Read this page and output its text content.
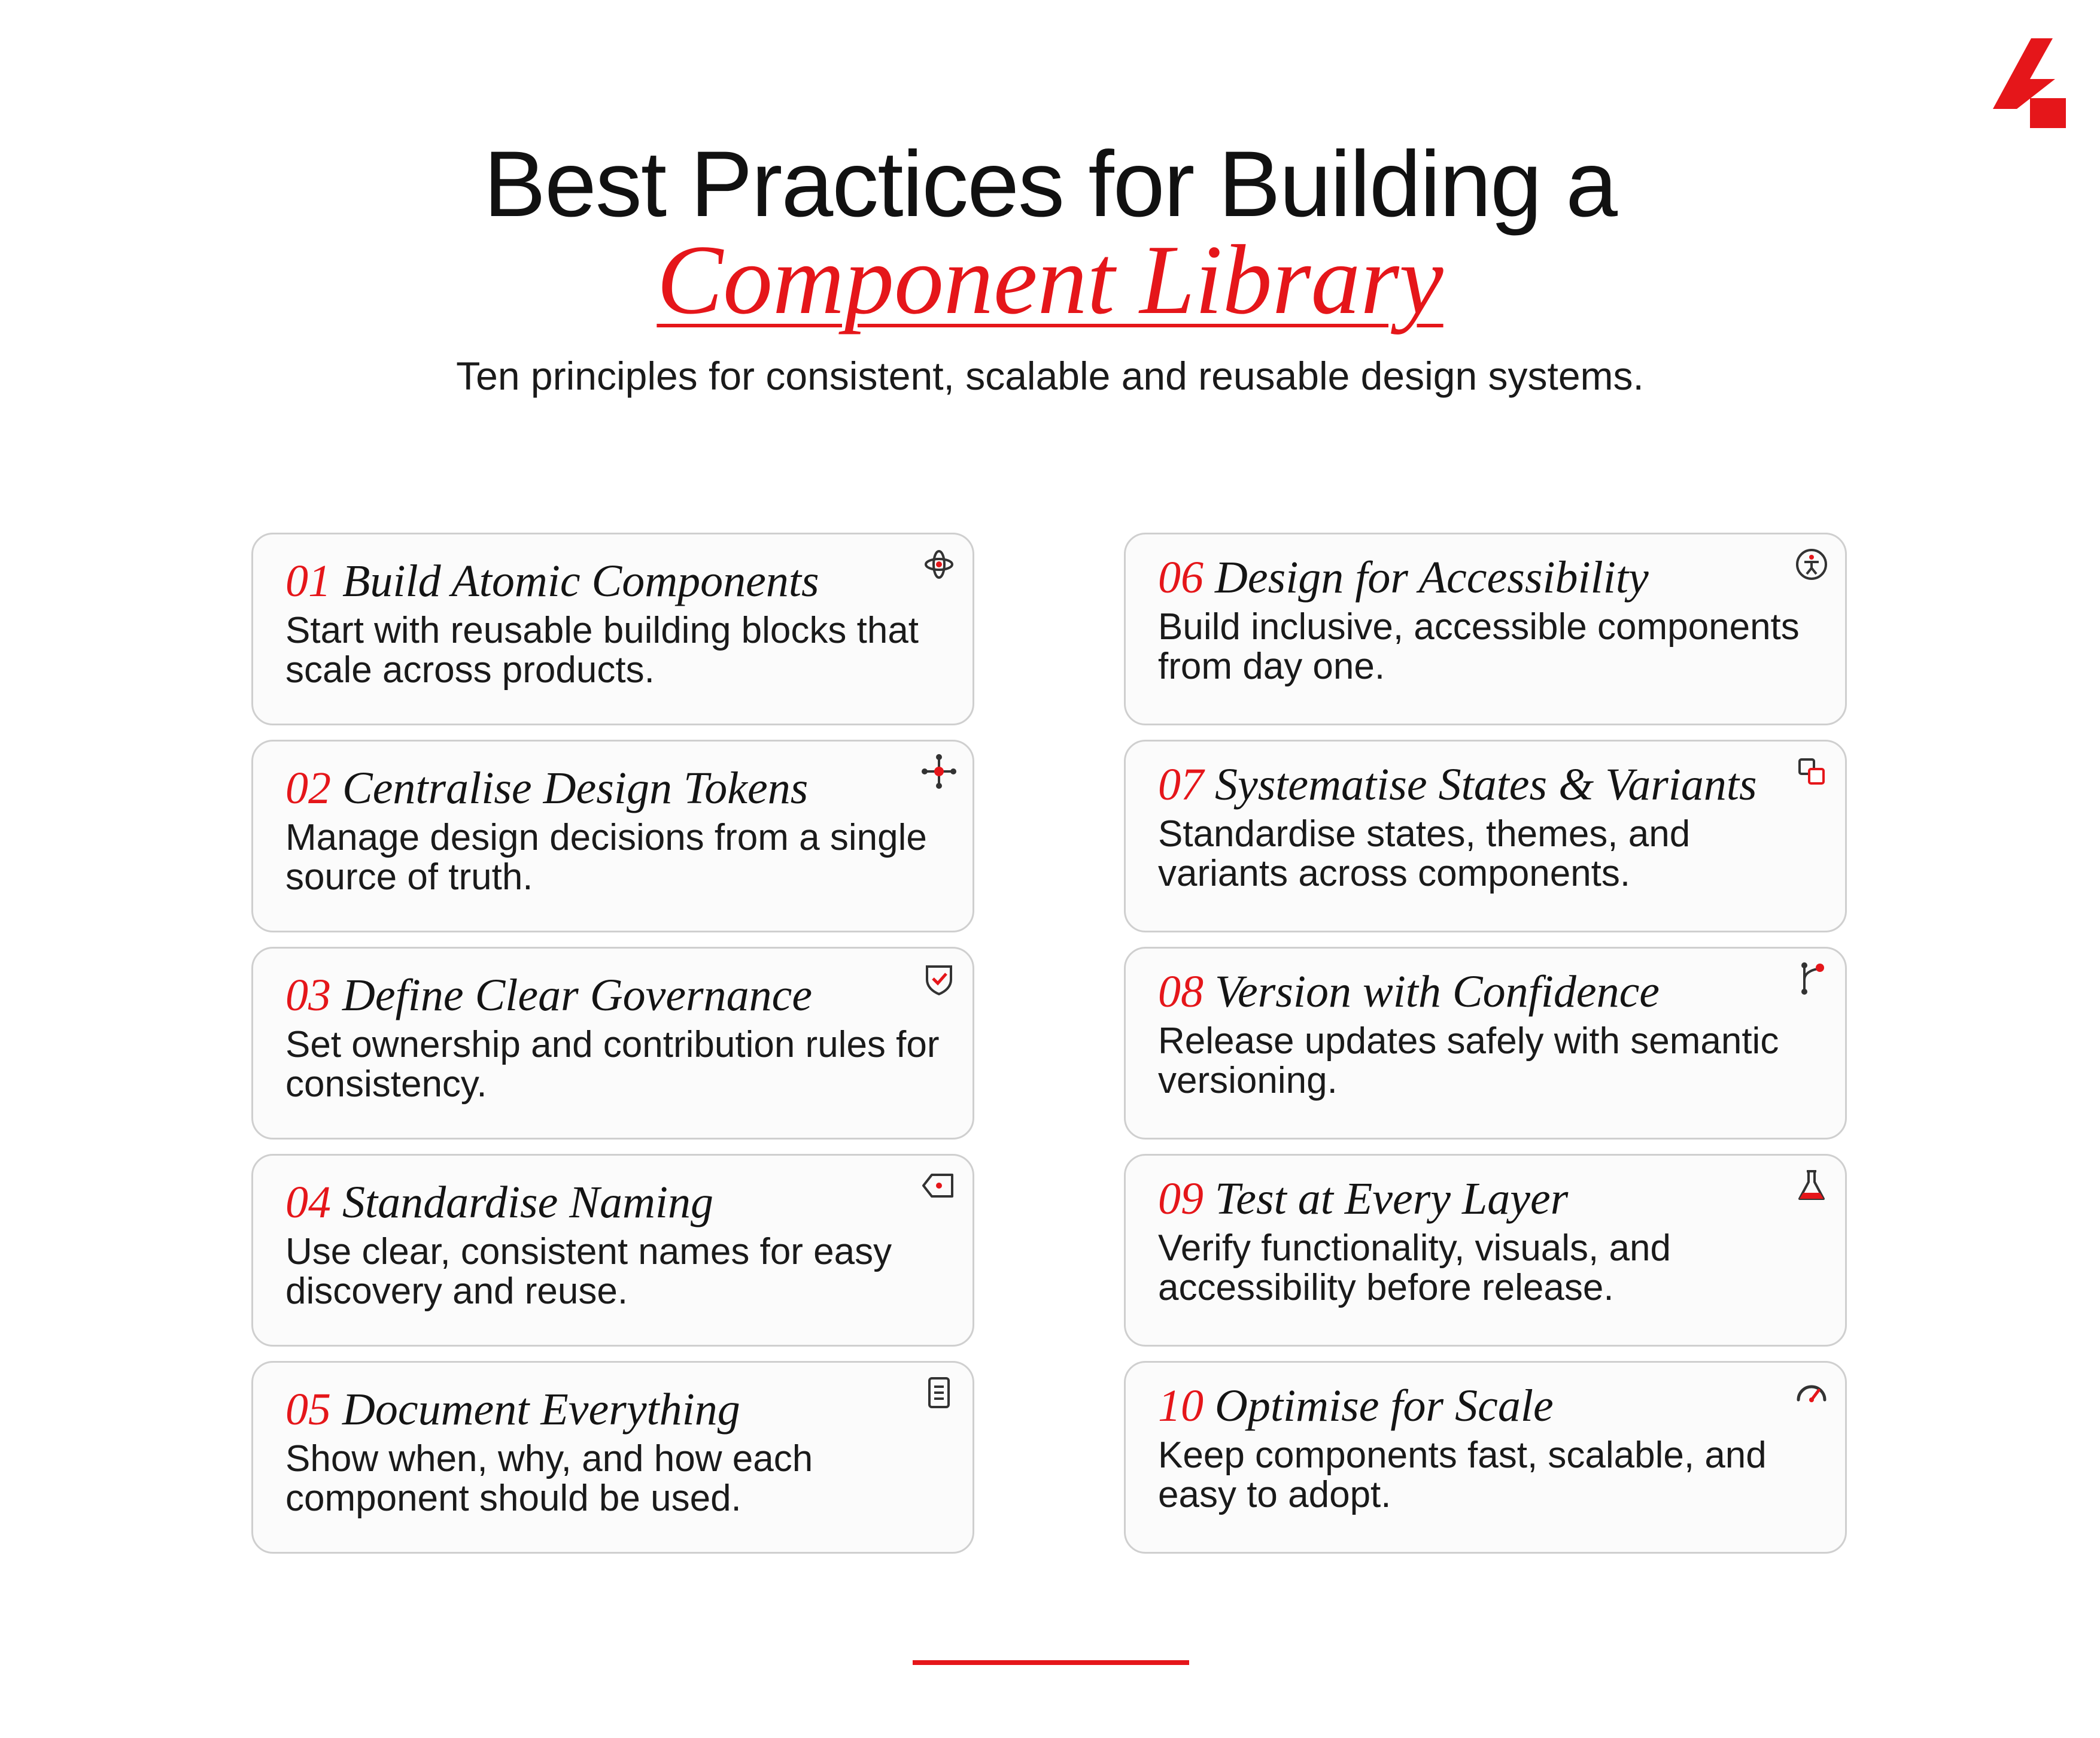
Best Practices for Building a
Component Library
Ten principles for consistent, scalable and reusable design systems.
01 Build Atomic Components
Start with reusable building blocks that scale across products.
02 Centralise Design Tokens
Manage design decisions from a single source of truth.
03 Define Clear Governance
Set ownership and contribution rules for consistency.
04 Standardise Naming
Use clear, consistent names for easy discovery and reuse.
05 Document Everything
Show when, why, and how each component should be used.
06 Design for Accessibility
Build inclusive, accessible components from day one.
07 Systematise States & Variants
Standardise states, themes, and variants across components.
08 Version with Confidence
Release updates safely with semantic versioning.
09 Test at Every Layer
Verify functionality, visuals, and accessibility before release.
10 Optimise for Scale
Keep components fast, scalable, and easy to adopt.
